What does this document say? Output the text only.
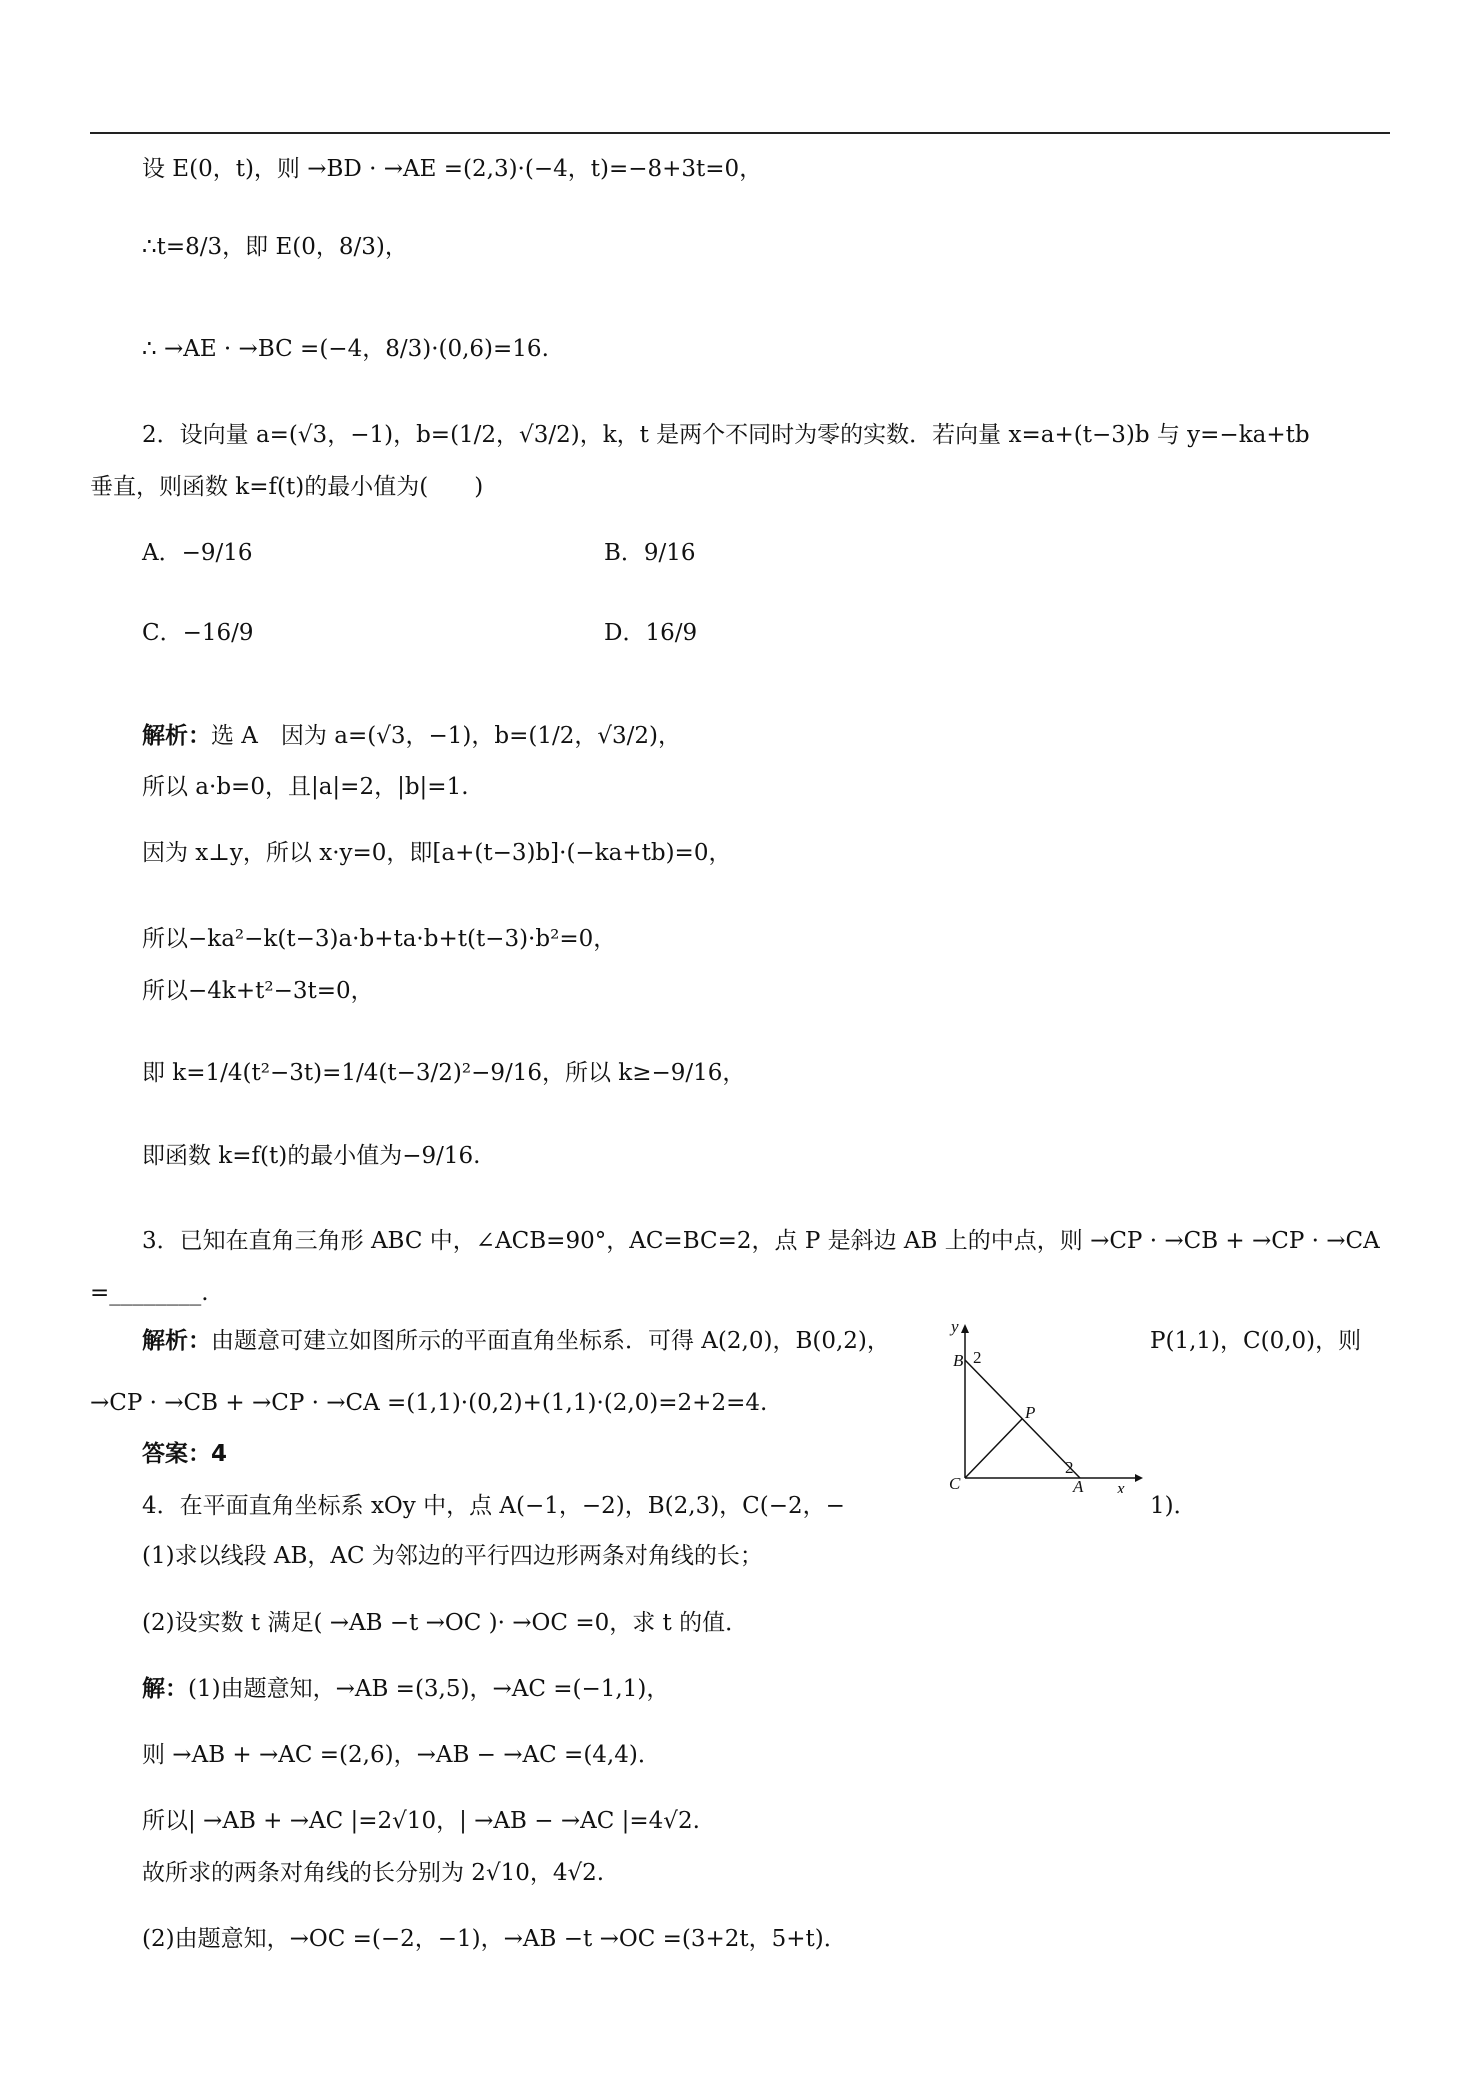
设 E(0，t)，则 →BD · →AE =(2,3)·(−4，t)=−8+3t=0，
∴t=8/3，即 E(0，8/3)，
∴ →AE · →BC =(−4，8/3)·(0,6)=16.
2．设向量 a=(√3，−1)，b=(1/2，√3/2)，k，t 是两个不同时为零的实数．若向量 x=a+(t−3)b 与 y=−ka+tb
垂直，则函数 k=f(t)的最小值为(　　)
A．−9/16	B．9/16
C．−16/9	D．16/9
解析：选 A　因为 a=(√3，−1)，b=(1/2，√3/2)，
所以 a·b=0，且|a|=2，|b|=1.
因为 x⊥y，所以 x·y=0，即[a+(t−3)b]·(−ka+tb)=0，
所以−ka²−k(t−3)a·b+ta·b+t(t−3)·b²=0，
所以−4k+t²−3t=0，
即 k=1/4(t²−3t)=1/4(t−3/2)²−9/16，所以 k≥−9/16，
即函数 k=f(t)的最小值为−9/16.
3．已知在直角三角形 ABC 中，∠ACB=90°，AC=BC=2，点 P 是斜边 AB 上的中点，则 →CP · →CB + →CP · →CA
=________.
解析：由题意可建立如图所示的平面直角坐标系．可得 A(2,0)，B(0,2)，	P(1,1)，C(0,0)，则
→CP · →CB + →CP · →CA =(1,1)·(0,2)+(1,1)·(2,0)=2+2=4.
答案：4
y
x
B 2
C	A
2
P
4．在平面直角坐标系 xOy 中，点 A(−1，−2)，B(2,3)，C(−2，−	1)．
(1)求以线段 AB，AC 为邻边的平行四边形两条对角线的长；
(2)设实数 t 满足( →AB −t →OC )· →OC =0，求 t 的值．
解：(1)由题意知，→AB =(3,5)，→AC =(−1,1)，
则 →AB + →AC =(2,6)，→AB − →AC =(4,4)．
所以| →AB + →AC |=2√10，| →AB − →AC |=4√2.
故所求的两条对角线的长分别为 2√10，4√2.
(2)由题意知，→OC =(−2，−1)，→AB −t →OC =(3+2t，5+t)．
